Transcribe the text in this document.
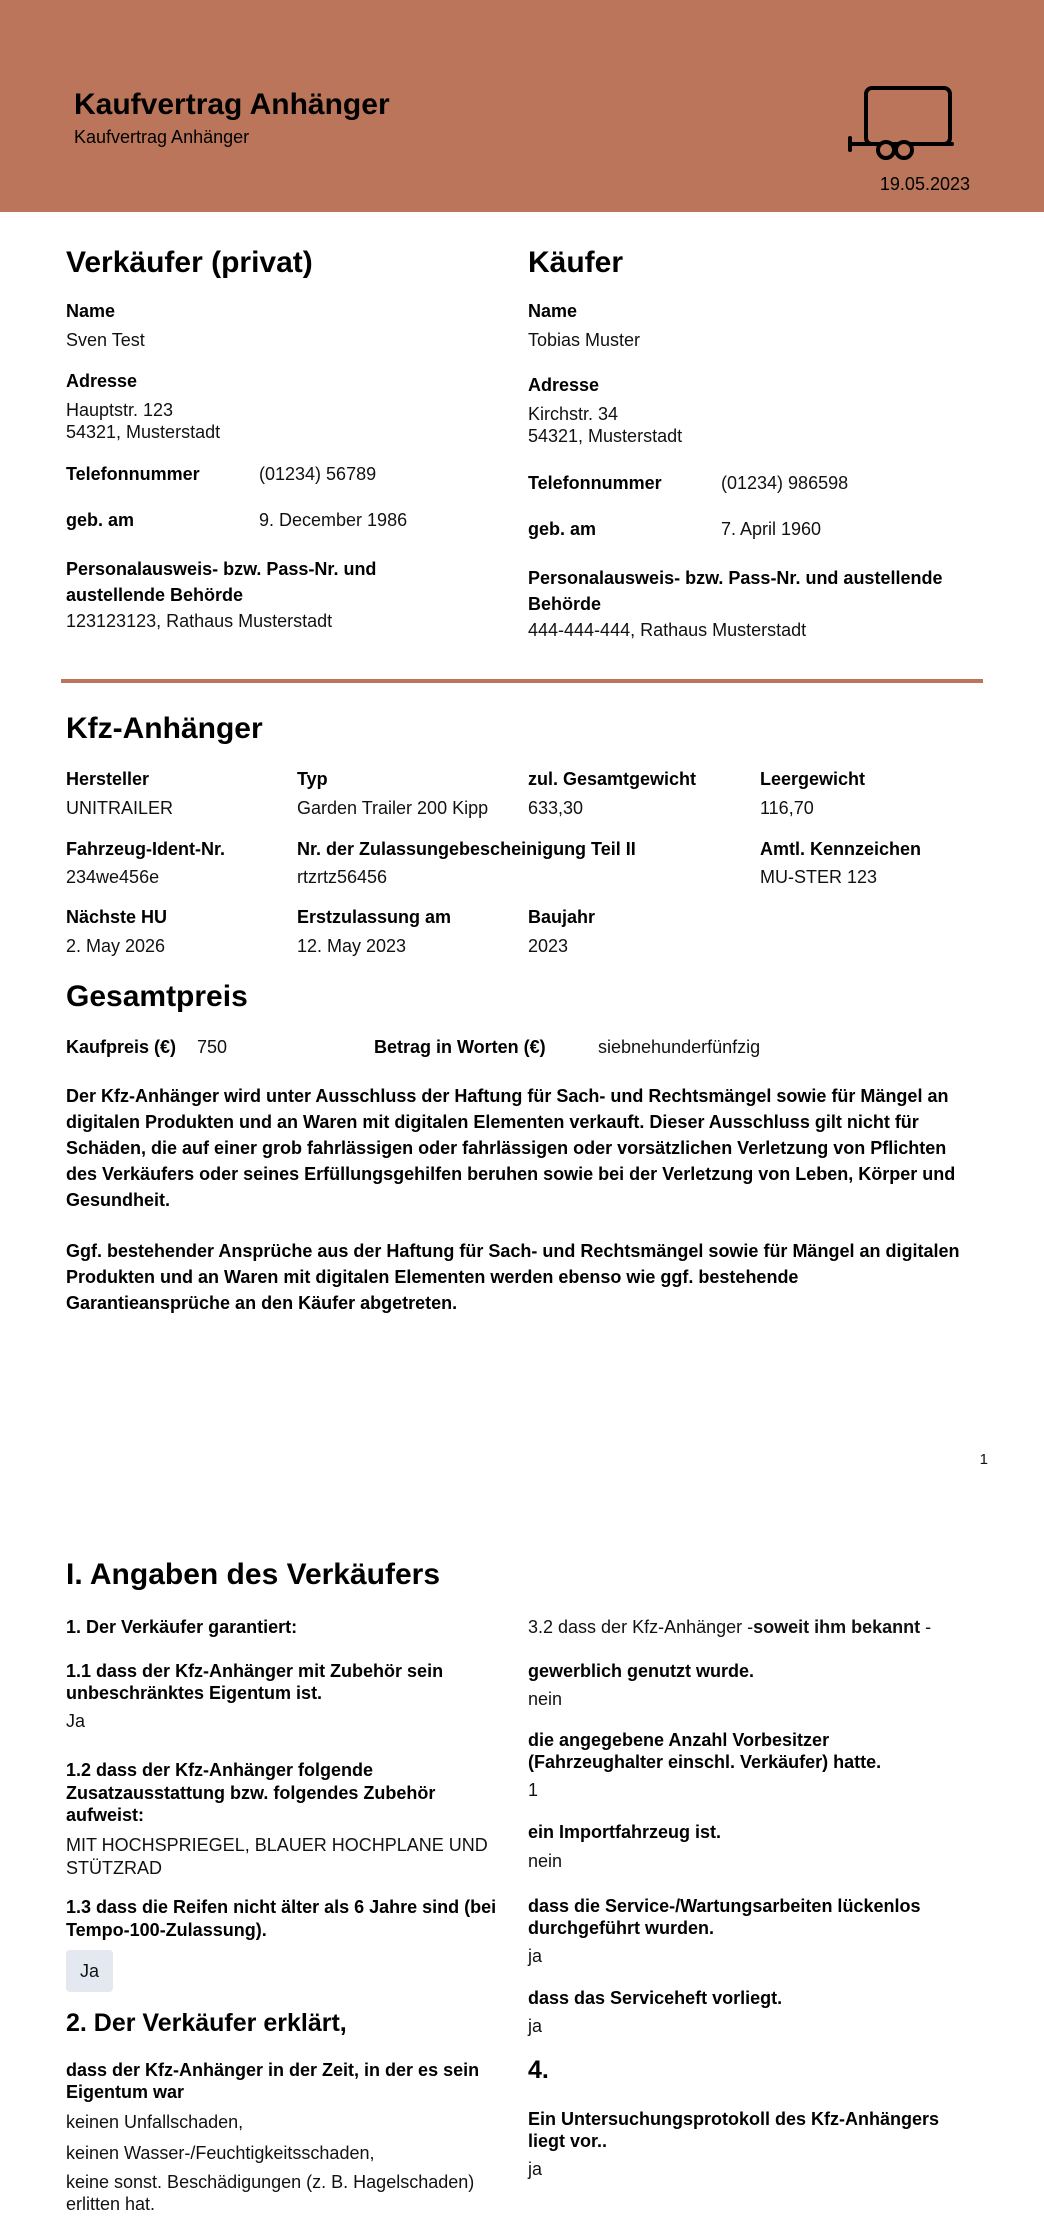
Kaufvertrag Anhänger
Kaufvertrag Anhänger
19.05.2023
Verkäufer (privat)
Name
Sven Test
Adresse
Hauptstr. 123
54321, Musterstadt
Telefonnummer	(01234) 56789
geb. am	9. December 1986
Personalausweis- bzw. Pass-Nr. und
austellende Behörde
123123123, Rathaus Musterstadt
Käufer
Name
Tobias Muster
Adresse
Kirchstr. 34
54321, Musterstadt
Telefonnummer	(01234) 986598
geb. am	7. April 1960
Personalausweis- bzw. Pass-Nr. und austellende
Behörde
444-444-444, Rathaus Musterstadt
Kfz-Anhänger
Hersteller
UNITRAILER
Typ
Garden Trailer 200 Kipp
zul. Gesamtgewicht
633,30
Leergewicht
116,70
Fahrzeug-Ident-Nr.
234we456e
Nr. der Zulassungebescheinigung Teil II
rtzrtz56456
Amtl. Kennzeichen
MU-STER 123
Nächste HU
2. May 2026
Erstzulassung am
12. May 2023
Baujahr
2023
Gesamtpreis
Kaufpreis (€) 750	Betrag in Worten (€)	siebnehunderfünfzig
Der Kfz-Anhänger wird unter Ausschluss der Haftung für Sach- und Rechtsmängel sowie für Mängel an
digitalen Produkten und an Waren mit digitalen Elementen verkauft. Dieser Ausschluss gilt nicht für
Schäden, die auf einer grob fahrlässigen oder fahrlässigen oder vorsätzlichen Verletzung von Pflichten
des Verkäufers oder seines Erfüllungsgehilfen beruhen sowie bei der Verletzung von Leben, Körper und
Gesundheit.
Ggf. bestehender Ansprüche aus der Haftung für Sach- und Rechtsmängel sowie für Mängel an digitalen
Produkten und an Waren mit digitalen Elementen werden ebenso wie ggf. bestehende
Garantieansprüche an den Käufer abgetreten.
1
I. Angaben des Verkäufers
1. Der Verkäufer garantiert:
1.1 dass der Kfz-Anhänger mit Zubehör sein
unbeschränktes Eigentum ist.
Ja
1.2 dass der Kfz-Anhänger folgende
Zusatzausstattung bzw. folgendes Zubehör
aufweist:
MIT HOCHSPRIEGEL, BLAUER HOCHPLANE UND
STÜTZRAD
1.3 dass die Reifen nicht älter als 6 Jahre sind (bei
Tempo-100-Zulassung).
Ja
2. Der Verkäufer erklärt,
dass der Kfz-Anhänger in der Zeit, in der es sein
Eigentum war
keinen Unfallschaden,
keinen Wasser-/Feuchtigkeitsschaden,
keine sonst. Beschädigungen (z. B. Hagelschaden)
erlitten hat.
3.2 dass der Kfz-Anhänger -soweit ihm bekannt -
gewerblich genutzt wurde.
nein
die angegebene Anzahl Vorbesitzer
(Fahrzeughalter einschl. Verkäufer) hatte.
1
ein Importfahrzeug ist.
nein
dass die Service-/Wartungsarbeiten lückenlos
durchgeführt wurden.
ja
dass das Serviceheft vorliegt.
ja
4.
Ein Untersuchungsprotokoll des Kfz-Anhängers
liegt vor..
ja
